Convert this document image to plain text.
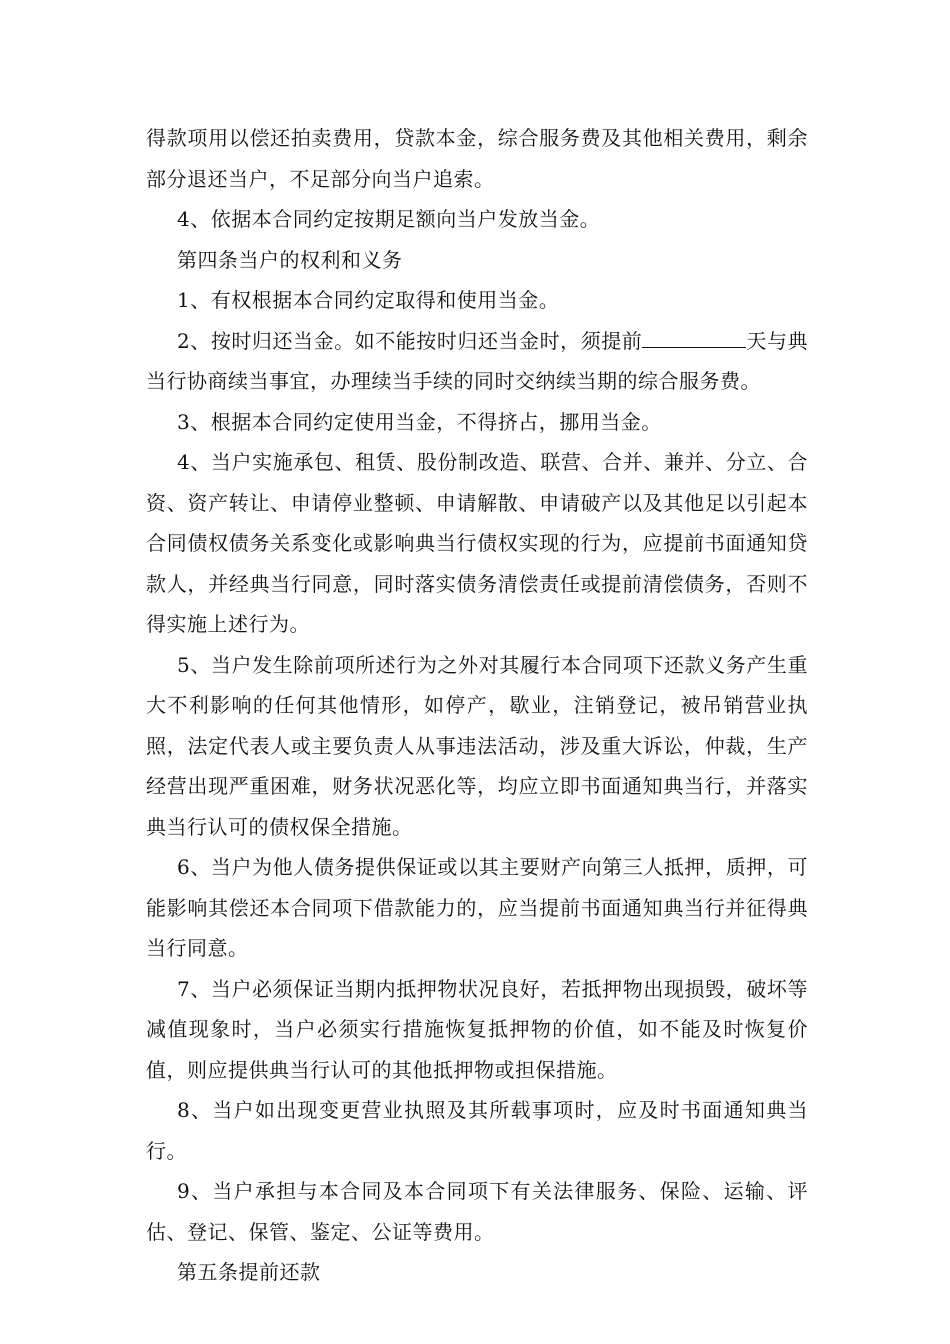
得款项用以偿还拍卖费用，贷款本金，综合服务费及其他相关费用，剩余部分退还当户，不足部分向当户追索。

4、依据本合同约定按期足额向当户发放当金。

第四条当户的权利和义务

1、有权根据本合同约定取得和使用当金。

2、按时归还当金。如不能按时归还当金时，须提前	天与典当行协商续当事宜，办理续当手续的同时交纳续当期的综合服务费。

3、根据本合同约定使用当金，不得挤占，挪用当金。

4、当户实施承包、租赁、股份制改造、联营、合并、兼并、分立、合资、资产转让、申请停业整顿、申请解散、申请破产以及其他足以引起本合同债权债务关系变化或影响典当行债权实现的行为，应提前书面通知贷款人，并经典当行同意，同时落实债务清偿责任或提前清偿债务，否则不得实施上述行为。

5、当户发生除前项所述行为之外对其履行本合同项下还款义务产生重大不利影响的任何其他情形，如停产，歇业，注销登记，被吊销营业执照，法定代表人或主要负责人从事违法活动，涉及重大诉讼，仲裁，生产经营出现严重困难，财务状况恶化等，均应立即书面通知典当行，并落实典当行认可的债权保全措施。

6、当户为他人债务提供保证或以其主要财产向第三人抵押，质押，可能影响其偿还本合同项下借款能力的，应当提前书面通知典当行并征得典当行同意。

7、当户必须保证当期内抵押物状况良好，若抵押物出现损毁，破坏等减值现象时，当户必须实行措施恢复抵押物的价值，如不能及时恢复价值，则应提供典当行认可的其他抵押物或担保措施。

8、当户如出现变更营业执照及其所载事项时，应及时书面通知典当行。

9、当户承担与本合同及本合同项下有关法律服务、保险、运输、评估、登记、保管、鉴定、公证等费用。

第五条提前还款
